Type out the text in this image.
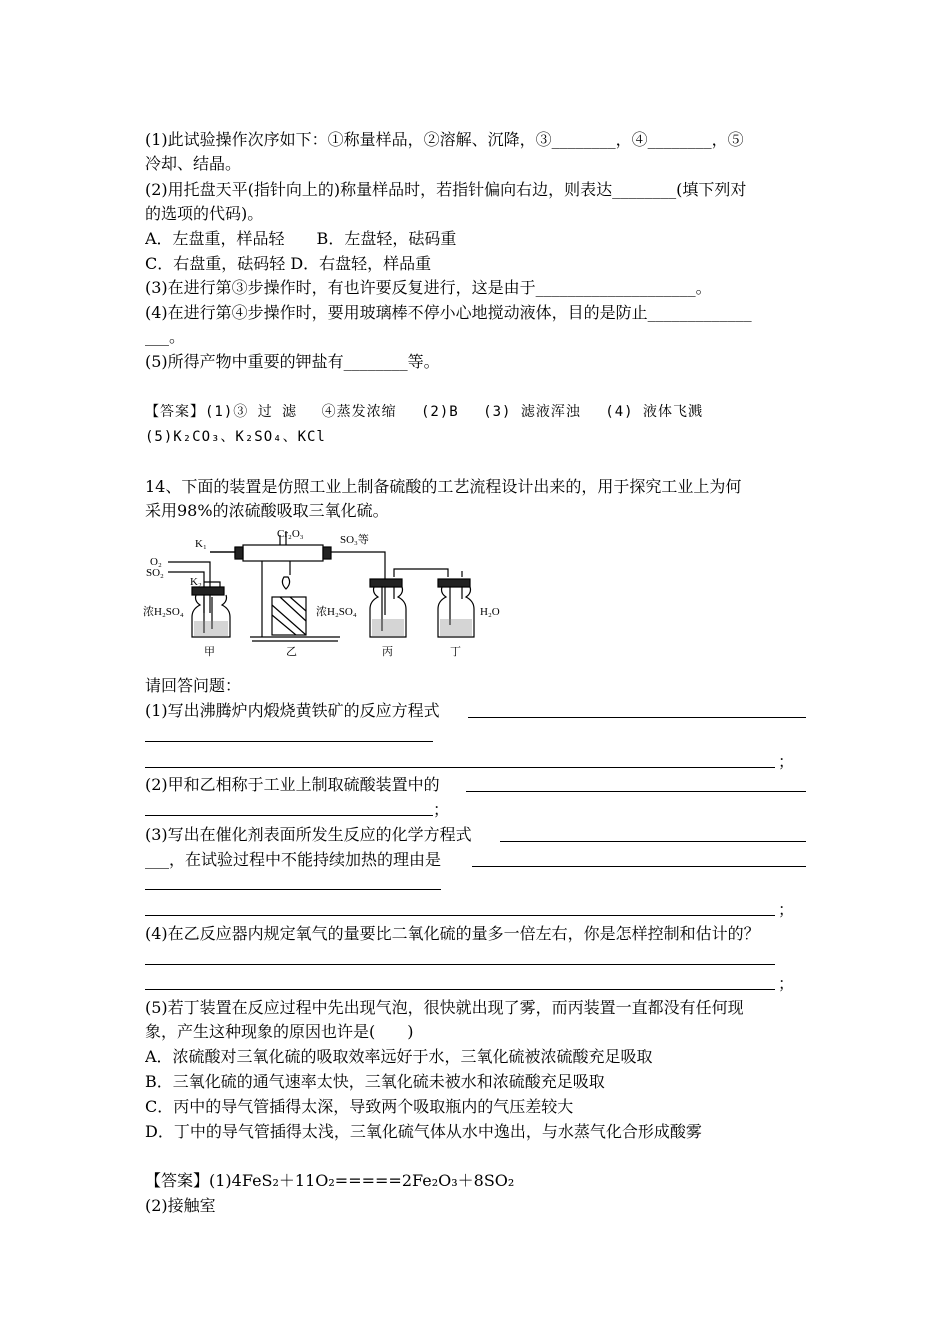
(1)此试验操作次序如下：①称量样品，②溶解、沉降，③________，④________，⑤
冷却、结晶。
(2)用托盘天平(指针向上的)称量样品时，若指针偏向右边，则表达________(填下列对
的选项的代码)。
A．左盘重，样品轻　　B．左盘轻，砝码重
C．右盘重，砝码轻 D．右盘轻，样品重
(3)在进行第③步操作时，有也许要反复进行，这是由于____________________。
(4)在进行第④步操作时，要用玻璃棒不停小心地搅动液体，目的是防止_____________
___。
(5)所得产物中重要的钾盐有________等。
【答案】(1)③ 过 滤　 ④蒸发浓缩　 (2)B　 (3) 滤液浑浊　 (4) 液体飞溅
(5)K₂CO₃、K₂SO₄、KCl
14、下面的装置是仿照工业上制备硫酸的工艺流程设计出来的，用于探究工业上为何
采用98%的浓硫酸吸取三氧化硫。
O₂
SO₂
K₁
K₂
Cr₂O₃	SO₃等
浓H₂SO₄	浓H₂SO₄	H₂O
甲	乙	丙	丁
请回答问题：
(1)写出沸腾炉内煅烧黄铁矿的反应方程式
；
(2)甲和乙相称于工业上制取硫酸装置中的
；
(3)写出在催化剂表面所发生反应的化学方程式
___，在试验过程中不能持续加热的理由是
；
(4)在乙反应器内规定氧气的量要比二氧化硫的量多一倍左右，你是怎样控制和估计的？
；
(5)若丁装置在反应过程中先出现气泡，很快就出现了雾，而丙装置一直都没有任何现
象，产生这种现象的原因也许是(　　)
A．浓硫酸对三氧化硫的吸取效率远好于水，三氧化硫被浓硫酸充足吸取
B．三氧化硫的通气速率太快，三氧化硫未被水和浓硫酸充足吸取
C．丙中的导气管插得太深，导致两个吸取瓶内的气压差较大
D．丁中的导气管插得太浅，三氧化硫气体从水中逸出，与水蒸气化合形成酸雾
【答案】(1)4FeS₂＋11O₂=====2Fe₂O₃＋8SO₂
(2)接触室
